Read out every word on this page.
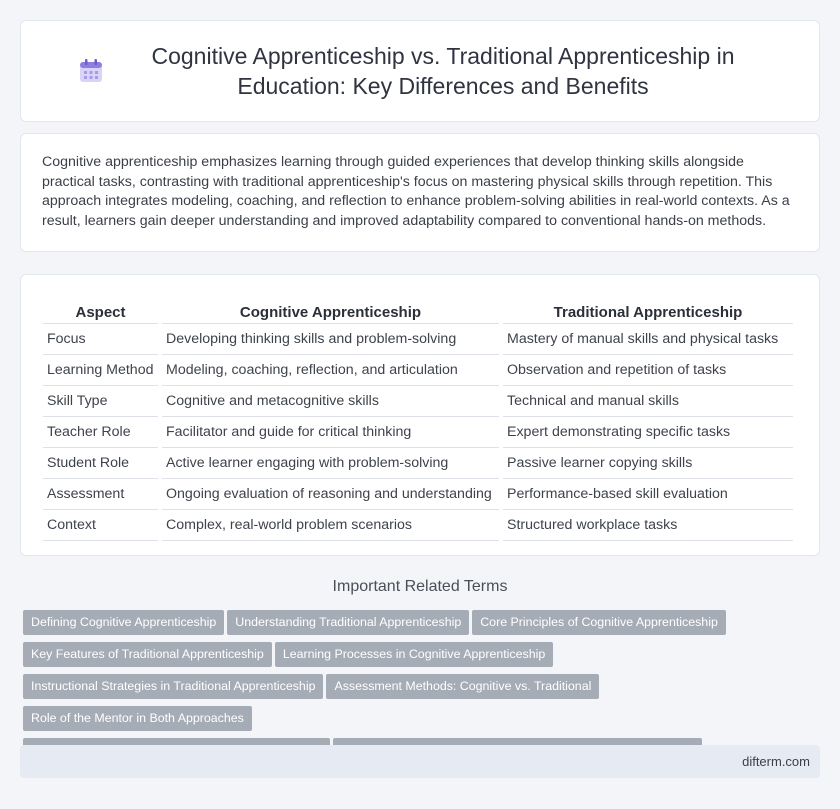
Cognitive Apprenticeship vs. Traditional Apprenticeship in Education: Key Differences and Benefits

Cognitive apprenticeship emphasizes learning through guided experiences that develop thinking skills alongside practical tasks, contrasting with traditional apprenticeship's focus on mastering physical skills through repetition. This approach integrates modeling, coaching, and reflection to enhance problem-solving abilities in real-world contexts. As a result, learners gain deeper understanding and improved adaptability compared to conventional hands-on methods.

Aspect	Cognitive Apprenticeship	Traditional Apprenticeship
Focus	Developing thinking skills and problem-solving	Mastery of manual skills and physical tasks
Learning Method	Modeling, coaching, reflection, and articulation	Observation and repetition of tasks
Skill Type	Cognitive and metacognitive skills	Technical and manual skills
Teacher Role	Facilitator and guide for critical thinking	Expert demonstrating specific tasks
Student Role	Active learner engaging with problem-solving	Passive learner copying skills
Assessment	Ongoing evaluation of reasoning and understanding	Performance-based skill evaluation
Context	Complex, real-world problem scenarios	Structured workplace tasks
Important Related Terms
Defining Cognitive Apprenticeship Understanding Traditional Apprenticeship Core Principles of Cognitive Apprenticeship
Key Features of Traditional Apprenticeship Learning Processes in Cognitive Apprenticeship
Instructional Strategies in Traditional Apprenticeship Assessment Methods: Cognitive vs. TraditionalRole of the Mentor in Both Approaches

difterm.com
